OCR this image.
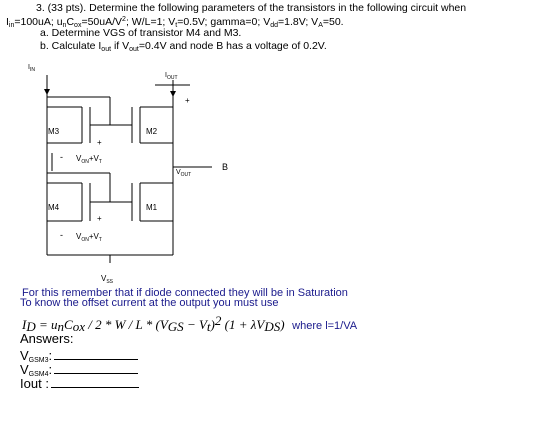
3. (33 pts). Determine the following parameters of the transistors in the following circuit when
$I_{in}=100uA$; $u_nC_{ox}=50uA/V^2$; W/L=1; $V_t=0.5V$; gamma=0; $V_{dd}=1.8V$; $V_A=50$.
a. Determine VGS of transistor M4 and M3.
b. Calculate $I_{out}$ if $V_{out}=0.4V$ and node B has a voltage of 0.2V.
$I_{IN}$
$I_{OUT}$
+
M3	M2
+
- $V_{ON}+V_T$
$V_{OUT}$
B
M4	M1
+
- $V_{ON}+V_T$
$V_{SS}$
For this remember that if diode connected they will be in Saturation
To know the offset current at the output you must use
ID = unCox / 2 * W / L * (VGS − Vt)2 (1 + λVDS) where l=1/VA
Answers:
$V_{GSM3}$:
$V_{GSM4}$:
Iout :
